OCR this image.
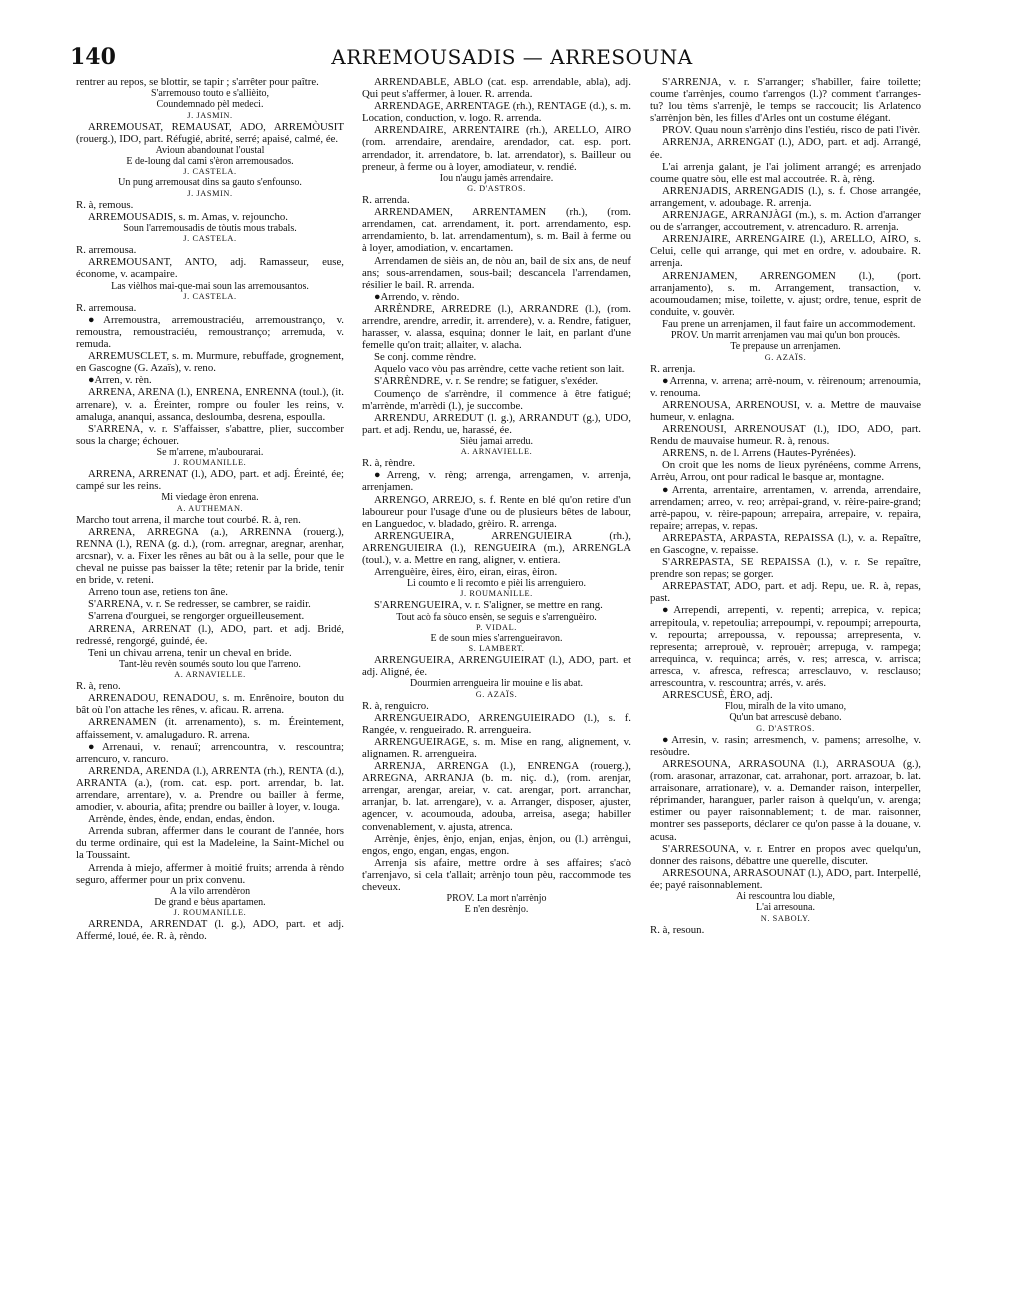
140	ARREMOUSADIS — ARRESOUNA
rentrer au repos, se blottir, se tapir ; s'arrêter pour paître.
S'arremouso touto e s'allièito,
Coundemnado pèl medeci.
J. JASMIN.
ARREMOUSAT, REMAUSAT, ADO, ARREMÒUSIT (rouerg.), IDO, part. Réfugié, abrité, serré; apaisé, calmé, ée.
Avioun abandounat l'oustal
E de-loung dal cami s'èron arremousados.
J. CASTELA.
Un pung arremousat dins sa gauto s'enfounso.
J. JASMIN.
R. à, remous.
ARREMOUSADIS, s. m. Amas, v. rejouncho.
Soun l'arremousadis de tòutis mous trabals.
J. CASTELA.
R. arremousa.
ARREMOUSANT, ANTO, adj. Ramasseur, euse, économe, v. acampaire.
Las vièlhos mai-que-mai soun las arremousantos.
J. CASTELA.
R. arremousa.
●Arremoustra, arremoustraciéu, arremoustranço, v. remoustra, remoustraciéu, remoustranço; arremuda, v. remuda.
ARREMUSCLET, s. m. Murmure, rebuffade, grognement, en Gascogne (G. Azaïs), v. reno.
●Arren, v. rèn.
ARRENA, ARENA (l.), ENRENA, ENRENNA (toul.), (it. arrenare), v. a. Éreinter, rompre ou fouler les reins, v. amaluga, ananqui, assanca, desloumba, desrena, espoulla.
S'ARRENA, v. r. S'affaisser, s'abattre, plier, succomber sous la charge; échouer.
Se m'arrene, m'aubourarai.
J. ROUMANILLE.
ARRENA, ARRENAT (l.), ADO, part. et adj. Éreinté, ée; campé sur les reins.
Mi viedaǥe èron enrena.
A. AUTHEMAN.
Marcho tout arrena, il marche tout courbé. R. à, ren.
ARRENA, ARREGNA (a.), ARRENNA (rouerg.), RENNA (l.), RENA (g. d.), (rom. arregnar, aregnar, arenhar, arcsnar), v. a. Fixer les rênes au bât ou à la selle, pour que le cheval ne puisse pas baisser la tête; retenir par la bride, tenir en bride, v. reteni.
Arreno toun ase, retiens ton âne.
S'ARRENA, v. r. Se redresser, se cambrer, se raidir.
S'arrena d'ourguei, se rengorger orgueilleusement.
ARRENA, ARRENAT (l.), ADO, part. et adj. Bridé, redressé, rengorgé, guindé, ée.
Teni un chivau arrena, tenir un cheval en bride.
Tant-lèu revèn soumés souto lou que l'arreno.
A. ARNAVIELLE.
R. à, reno.
ARRENADOU, RENADOU, s. m. Enrênoire, bouton du bât où l'on attache les rênes, v. aficau. R. arrena.
ARRENAMEN (it. arrenamento), s. m. Éreintement, affaissement, v. amaluǥaduro. R. arrena.
●Arrenaui, v. renauï; arrencountra, v. rescountra; arrencuro, v. rancuro.
ARRENDA, ARENDA (l.), ARRENTA (rh.), RENTA (d.), ARRANTA (a.), (rom. cat. esp. port. arrendar, b. lat. arrendare, arrentare), v. a. Prendre ou bailler à ferme, amodier, v. abouria, afita; prendre ou bailler à loyer, v. louga.
Arrènde, èndes, ènde, endan, endas, èndon.
Arrenda subran, affermer dans le courant de l'année, hors du terme ordinaire, qui est la Madeleine, la Saint-Michel ou la Toussaint.
Arrenda à miejo, affermer à moitié fruits; arrenda à rèndo seguro, affermer pour un prix convenu.
A la vilo arrendèron
De grand e bèus apartamen.
J. ROUMANILLE.
ARRENDA, ARRENDAT (l. g.), ADO, part. et adj. Affermé, loué, ée. R. à, rèndo.
ARRENDABLE, ABLO (cat. esp. arrendable, abla), adj. Qui peut s'affermer, à louer. R. arrenda.
ARRENDAGE, ARRENTAGE (rh.), RENTAGE (d.), s. m. Location, conduction, v. logo. R. arrenda.
ARRENDAIRE, ARRENTAIRE (rh.), ARELLO, AIRO (rom. arrendaire, arendaire, arendador, cat. esp. port. arrendador, it. arrendatore, b. lat. arrendator), s. Bailleur ou preneur, à ferme ou à loyer, amodiateur, v. rendié.
Iou n'augu jamès arrendaire.
G. D'ASTROS.
R. arrenda.
ARRENDAMEN, ARRENTAMEN (rh.), (rom. arrendamen, cat. arrendament, it. port. arrendamento, esp. arrendamiento, b. lat. arrendamentum), s. m. Bail à ferme ou à loyer, amodiation, v. encartamen.
Arrendamen de sièis an, de nòu an, bail de six ans, de neuf ans; sous-arrendamen, sous-bail; descancela l'arrendamen, résilier le bail. R. arrenda.
●Arrendo, v. rèndo.
ARRÈNDRE, ARREDRE (l.), ARRANDRE (l.), (rom. arrendre, arendre, arredir, it. arrendere), v. a. Rendre, fatiguer, harasser, v. alassa, esquina; donner le lait, en parlant d'une femelle qu'on trait; allaiter, v. alacha.
Se conj. comme rèndre.
Aquelo vaco vòu pas arrèndre, cette vache retient son lait.
S'ARRÈNDRE, v. r. Se rendre; se fatiguer, s'exéder.
Coumenço de s'arrèndre, il commence à être fatigué; m'arrènde, m'arrèdi (l.), je succombe.
ARRENDU, ARREDUT (l. g.), ARRANDUT (g.), UDO, part. et adj. Rendu, ue, harassé, ée.
Sièu jamai arredu.
A. ARNAVIELLE.
R. à, rèndre.
●Arreng, v. rèng; arrenga, arrengamen, v. arrenja, arrenjamen.
ARRENGO, ARREJO, s. f. Rente en blé qu'on retire d'un laboureur pour l'usage d'une ou de plusieurs bêtes de labour, en Languedoc, v. bladado, grèiro. R. arrenga.
ARRENGUEIRA, ARRENGUIEIRA (rh.), ARRENGUIEIRA (l.), RENGUEIRA (m.), ARRENGLA (toul.), v. a. Mettre en rang, aligner, v. entiera.
Arrenguèire, èires, èiro, eiran, eiras, èiron.
Li coumto e li recomto e pièi lis arrenguiero.
J. ROUMANILLE.
S'ARRENGUEIRA, v. r. S'aligner, se mettre en rang.
Tout acò fa sòuco ensèn, se seguis e s'arrenguèiro.
P. VIDAL.
E de soun mies s'arrengueiravon.
S. LAMBERT.
ARRENGUEIRA, ARRENGUIEIRAT (l.), ADO, part. et adj. Aligné, ée.
Dourmien arrengueira lir mouine e lis abat.
G. AZAÏS.
R. à, renguicro.
ARRENGUEIRADO, ARRENGUIEIRADO (l.), s. f. Rangée, v. rengueirado. R. arrengueira.
ARRENGUEIRAGE, s. m. Mise en rang, alignement, v. alignamen. R. arrengueira.
ARRENJA, ARRENGA (l.), ENRENGA (rouerg.), ARREGNA, ARRANJA (b. m. niç. d.), (rom. arenjar, arrengar, arengar, areiar, v. cat. arengar, port. arranchar, arranjar, b. lat. arrengare), v. a. Arranger, disposer, ajuster, agencer, v. acoumouda, adouba, arreisa, asega; habiller convenablement, v. ajusta, atrenca.
Arrènje, ènjes, ènjo, enjan, enjas, ènjon, ou (l.) arrèngui, engos, engo, engan, engas, engon.
Arrenja sis afaire, mettre ordre à ses affaires; s'acò t'arrenjavo, si cela t'allait; arrènjo toun pèu, raccommode tes cheveux.
PROV. La mort n'arrènjo
E n'en desrènjo.
S'ARRENJA, v. r. S'arranger; s'habiller, faire toilette; coume t'arrènjes, coumo t'arrengos (l.)? comment t'arranges-tu? lou tèms s'arrenjè, le temps se raccoucit; lis Arlatenco s'arrènjon bèn, les filles d'Arles ont un costume élégant.
PROV. Quau noun s'arrènjo dins l'estiéu, risco de pati l'ivèr.
ARRENJA, ARRENGAT (l.), ADO, part. et adj. Arrangé, ée.
L'ai arrenja galant, je l'ai joliment arrangé; es arrenjado coume quatre sòu, elle est mal accoutrée. R. à, rèng.
ARRENJADIS, ARRENGADIS (l.), s. f. Chose arrangée, arrangement, v. adoubage. R. arrenja.
ARRENJAGE, ARRANJÀGI (m.), s. m. Action d'arranger ou de s'arranger, accoutrement, v. atrencaduro. R. arrenja.
ARRENJAIRE, ARRENGAIRE (l.), ARELLO, AIRO, s. Celui, celle qui arrange, qui met en ordre, v. adoubaire. R. arrenja.
ARRENJAMEN, ARRENGOMEN (l.), (port. arranjamento), s. m. Arrangement, transaction, v. acoumoudamen; mise, toilette, v. ajust; ordre, tenue, esprit de conduite, v. gouvèr.
Fau prene un arrenjamen, il faut faire un accommodement.
PROV. Un marrit arrenjamen vau mai qu'un bon proucès.
Te prepause un arrenjamen.
G. AZAÏS.
R. arrenja.
●Arrenna, v. arrena; arrè-noum, v. rèirenoum; arrenoumia, v. renouma.
ARRENOUSA, ARRENOUSI, v. a. Mettre de mauvaise humeur, v. enlagna.
ARRENOUSI, ARRENOUSAT (l.), IDO, ADO, part. Rendu de mauvaise humeur. R. à, renous.
ARRENS, n. de l. Arrens (Hautes-Pyrénées).
On croit que les noms de lieux pyrénéens, comme Arrens, Arrèu, Arrou, ont pour radical le basque ar, montagne.
●Arrenta, arrentaire, arrentamen, v. arrenda, arrendaire, arrendamen; arreo, v. reo; arrèpai-grand, v. rèire-paire-grand; arrè-papou, v. rèire-papoun; arrepaira, arrepaire, v. repaira, repaire; arrepas, v. repas.
ARREPASTA, ARPASTA, REPAISSA (l.), v. a. Repaître, en Gascogne, v. repaisse.
S'ARREPASTA, SE REPAISSA (l.), v. r. Se repaître, prendre son repas; se gorger.
ARREPASTAT, ADO, part. et adj. Repu, ue. R. à, repas, past.
●Arrependi, arrepenti, v. repenti; arrepica, v. repica; arrepitoula, v. repetoulia; arrepoumpi, v. repoumpi; arrepourta, v. repourta; arrepoussa, v. repoussa; arrepresenta, v. representa; arreprouè, v. reprouèr; arrepuga, v. rampega; arrequinca, v. requinca; arrés, v. res; arresca, v. arrisca; arresca, v. afresca, refresca; arresclauvo, v. resclauso; arrescountra, v. rescountra; arrés, v. arés.
ARRESCUSÈ, ÈRO, adj.
Flou, miralh de la vito umano,
Qu'un bat arrescusè debano.
G. D'ASTROS.
●Arresin, v. rasin; arresmench, v. pamens; arresolhe, v. resòudre.
ARRESOUNA, ARRASOUNA (l.), ARRASOUA (g.), (rom. arasonar, arrazonar, cat. arrahonar, port. arrazoar, b. lat. arraisonare, arrationare), v. a. Demander raison, interpeller, réprimander, haranguer, parler raison à quelqu'un, v. arenga; estimer ou payer raisonnablement; t. de mar. raisonner, montrer ses passeports, déclarer ce qu'on passe à la douane, v. acusa.
S'ARRESOUNA, v. r. Entrer en propos avec quelqu'un, donner des raisons, débattre une querelle, discuter.
ARRESOUNA, ARRASOUNAT (l.), ADO, part. Interpellé, ée; payé raisonnablement.
Ai rescountra lou diable,
L'ai arresouna.
N. SABOLY.
R. à, resoun.
